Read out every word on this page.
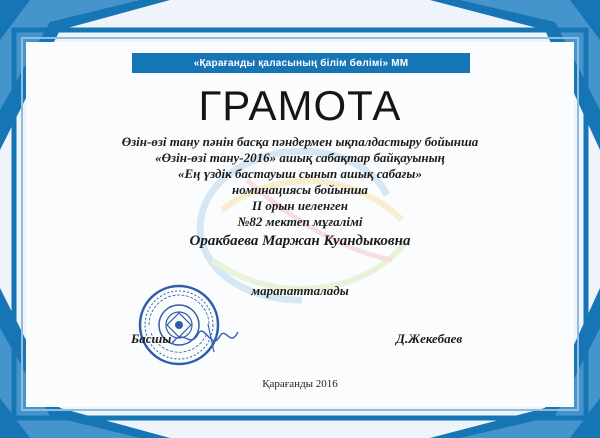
«Қарағанды қаласының білім бөлімі» ММ
ГРАМОТА
Өзін-өзі тану пәнін басқа пәндермен ықпалдастыру бойынша
«Өзін-өзі тану-2016» ашық сабақтар байқауының
«Ең үздік бастауыш сынып ашық сабағы»
номинациясы бойынша
II орын иеленген
№82 мектеп мұғалімі
Оракбаева Маржан Куандыковна
марапатталады
Басшы	Д.Жекебаев
Қарағанды 2016
